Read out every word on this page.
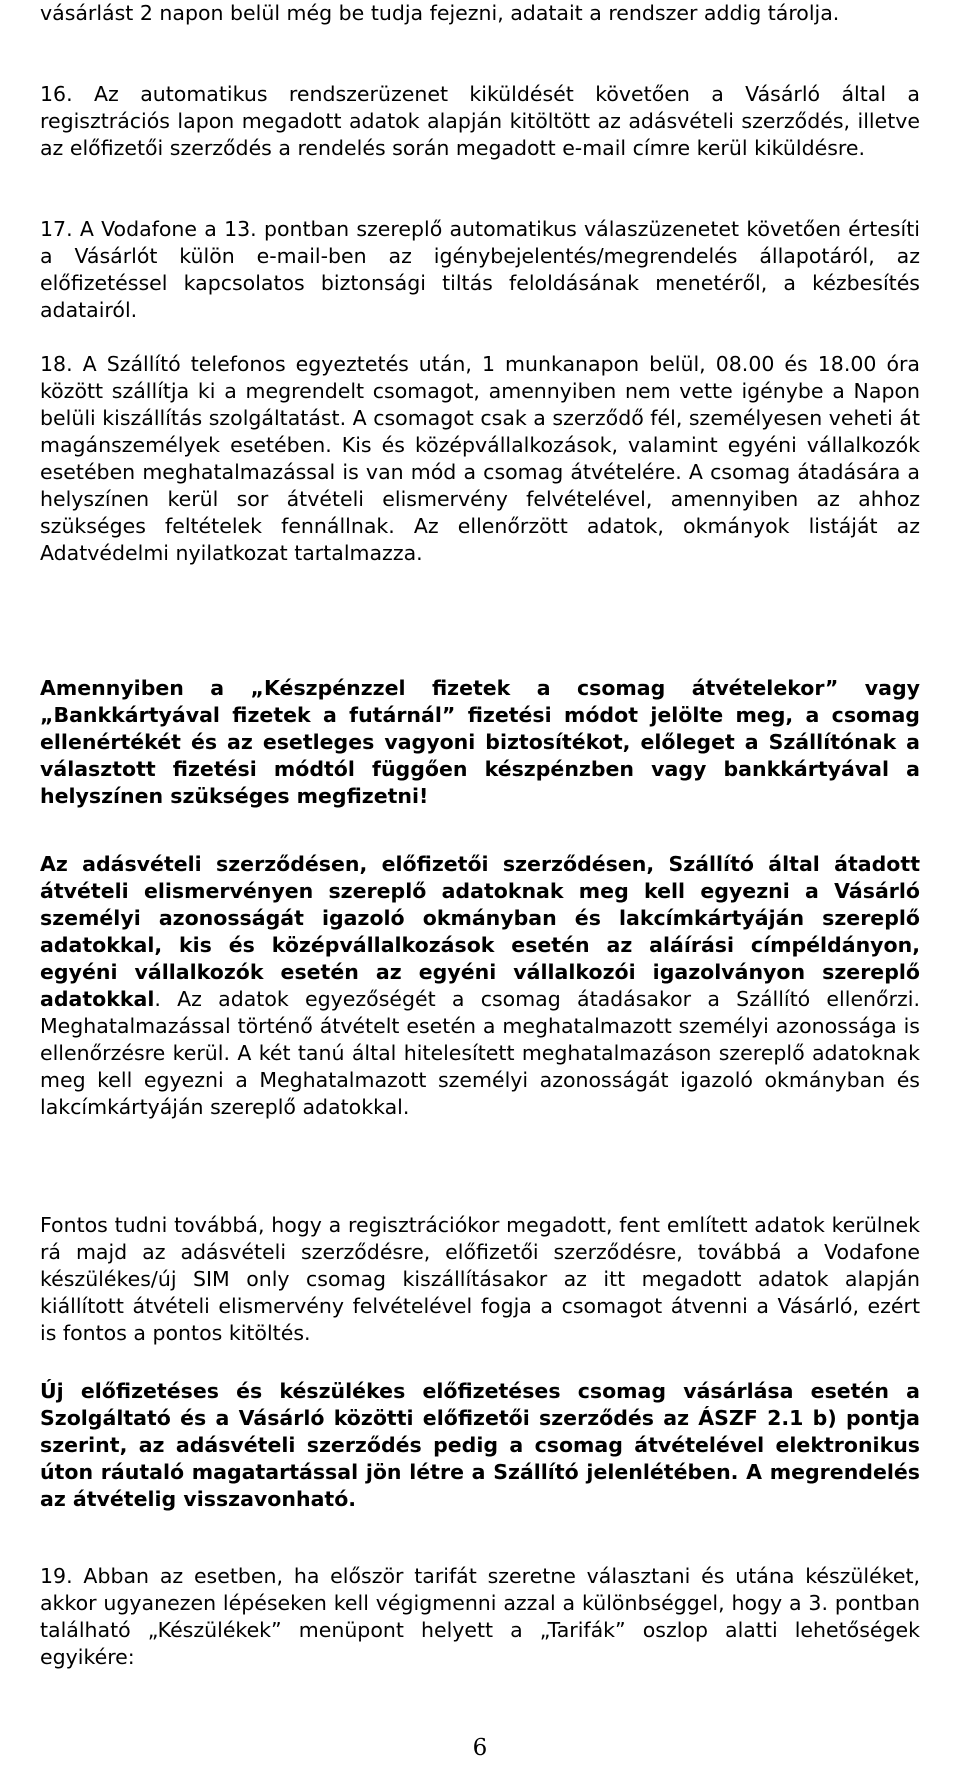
vásárlást 2 napon belül még be tudja fejezni, adatait a rendszer addig tárolja.

16. Az automatikus rendszerüzenet kiküldését követően a Vásárló által a regisztrációs lapon megadott adatok alapján kitöltött az adásvételi szerződés, illetve az előfizetői szerződés a rendelés során megadott e-mail címre kerül kiküldésre.

17. A Vodafone a 13. pontban szereplő automatikus válaszüzenetet követően értesíti a Vásárlót külön e-mail-ben az igénybejelentés/megrendelés állapotáról, az előfizetéssel kapcsolatos biztonsági tiltás feloldásának menetéről, a kézbesítés adatairól.

18. A Szállító telefonos egyeztetés után, 1 munkanapon belül, 08.00 és 18.00 óra között szállítja ki a megrendelt csomagot, amennyiben nem vette igénybe a Napon belüli kiszállítás szolgáltatást. A csomagot csak a szerződő fél, személyesen veheti át magánszemélyek esetében. Kis és középvállalkozások, valamint egyéni vállalkozók esetében meghatalmazással is van mód a csomag átvételére. A csomag átadására a helyszínen kerül sor átvételi elismervény felvételével, amennyiben az ahhoz szükséges feltételek fennállnak. Az ellenőrzött adatok, okmányok listáját az Adatvédelmi nyilatkozat tartalmazza.

Amennyiben a „Készpénzzel fizetek a csomag átvételekor” vagy „Bankkártyával fizetek a futárnál” fizetési módot jelölte meg, a csomag ellenértékét és az esetleges vagyoni biztosítékot, előleget a Szállítónak a választott fizetési módtól függően készpénzben vagy bankkártyával a helyszínen szükséges megfizetni!

Az adásvételi szerződésen, előfizetői szerződésen, Szállító által átadott átvételi elismervényen szereplő adatoknak meg kell egyezni a Vásárló személyi azonosságát igazoló okmányban és lakcímkártyáján szereplő adatokkal, kis és középvállalkozások esetén az aláírási címpéldányon, egyéni vállalkozók esetén az egyéni vállalkozói igazolványon szereplő adatokkal. Az adatok egyezőségét a csomag átadásakor a Szállító ellenőrzi. Meghatalmazással történő átvételt esetén a meghatalmazott személyi azonossága is ellenőrzésre kerül. A két tanú által hitelesített meghatalmazáson szereplő adatoknak meg kell egyezni a Meghatalmazott személyi azonosságát igazoló okmányban és lakcímkártyáján szereplő adatokkal.

Fontos tudni továbbá, hogy a regisztrációkor megadott, fent említett adatok kerülnek rá majd az adásvételi szerződésre, előfizetői szerződésre, továbbá a Vodafone készülékes/új SIM only csomag kiszállításakor az itt megadott adatok alapján kiállított átvételi elismervény felvételével fogja a csomagot átvenni a Vásárló, ezért is fontos a pontos kitöltés.

Új előfizetéses és készülékes előfizetéses csomag vásárlása esetén a Szolgáltató és a Vásárló közötti előfizetői szerződés az ÁSZF 2.1 b) pontja szerint, az adásvételi szerződés pedig a csomag átvételével elektronikus úton ráutaló magatartással jön létre a Szállító jelenlétében. A megrendelés az átvételig visszavonható.

19. Abban az esetben, ha először tarifát szeretne választani és utána készüléket, akkor ugyanezen lépéseken kell végigmenni azzal a különbséggel, hogy a 3. pontban található „Készülékek” menüpont helyett a „Tarifák” oszlop alatti lehetőségek egyikére:

6
